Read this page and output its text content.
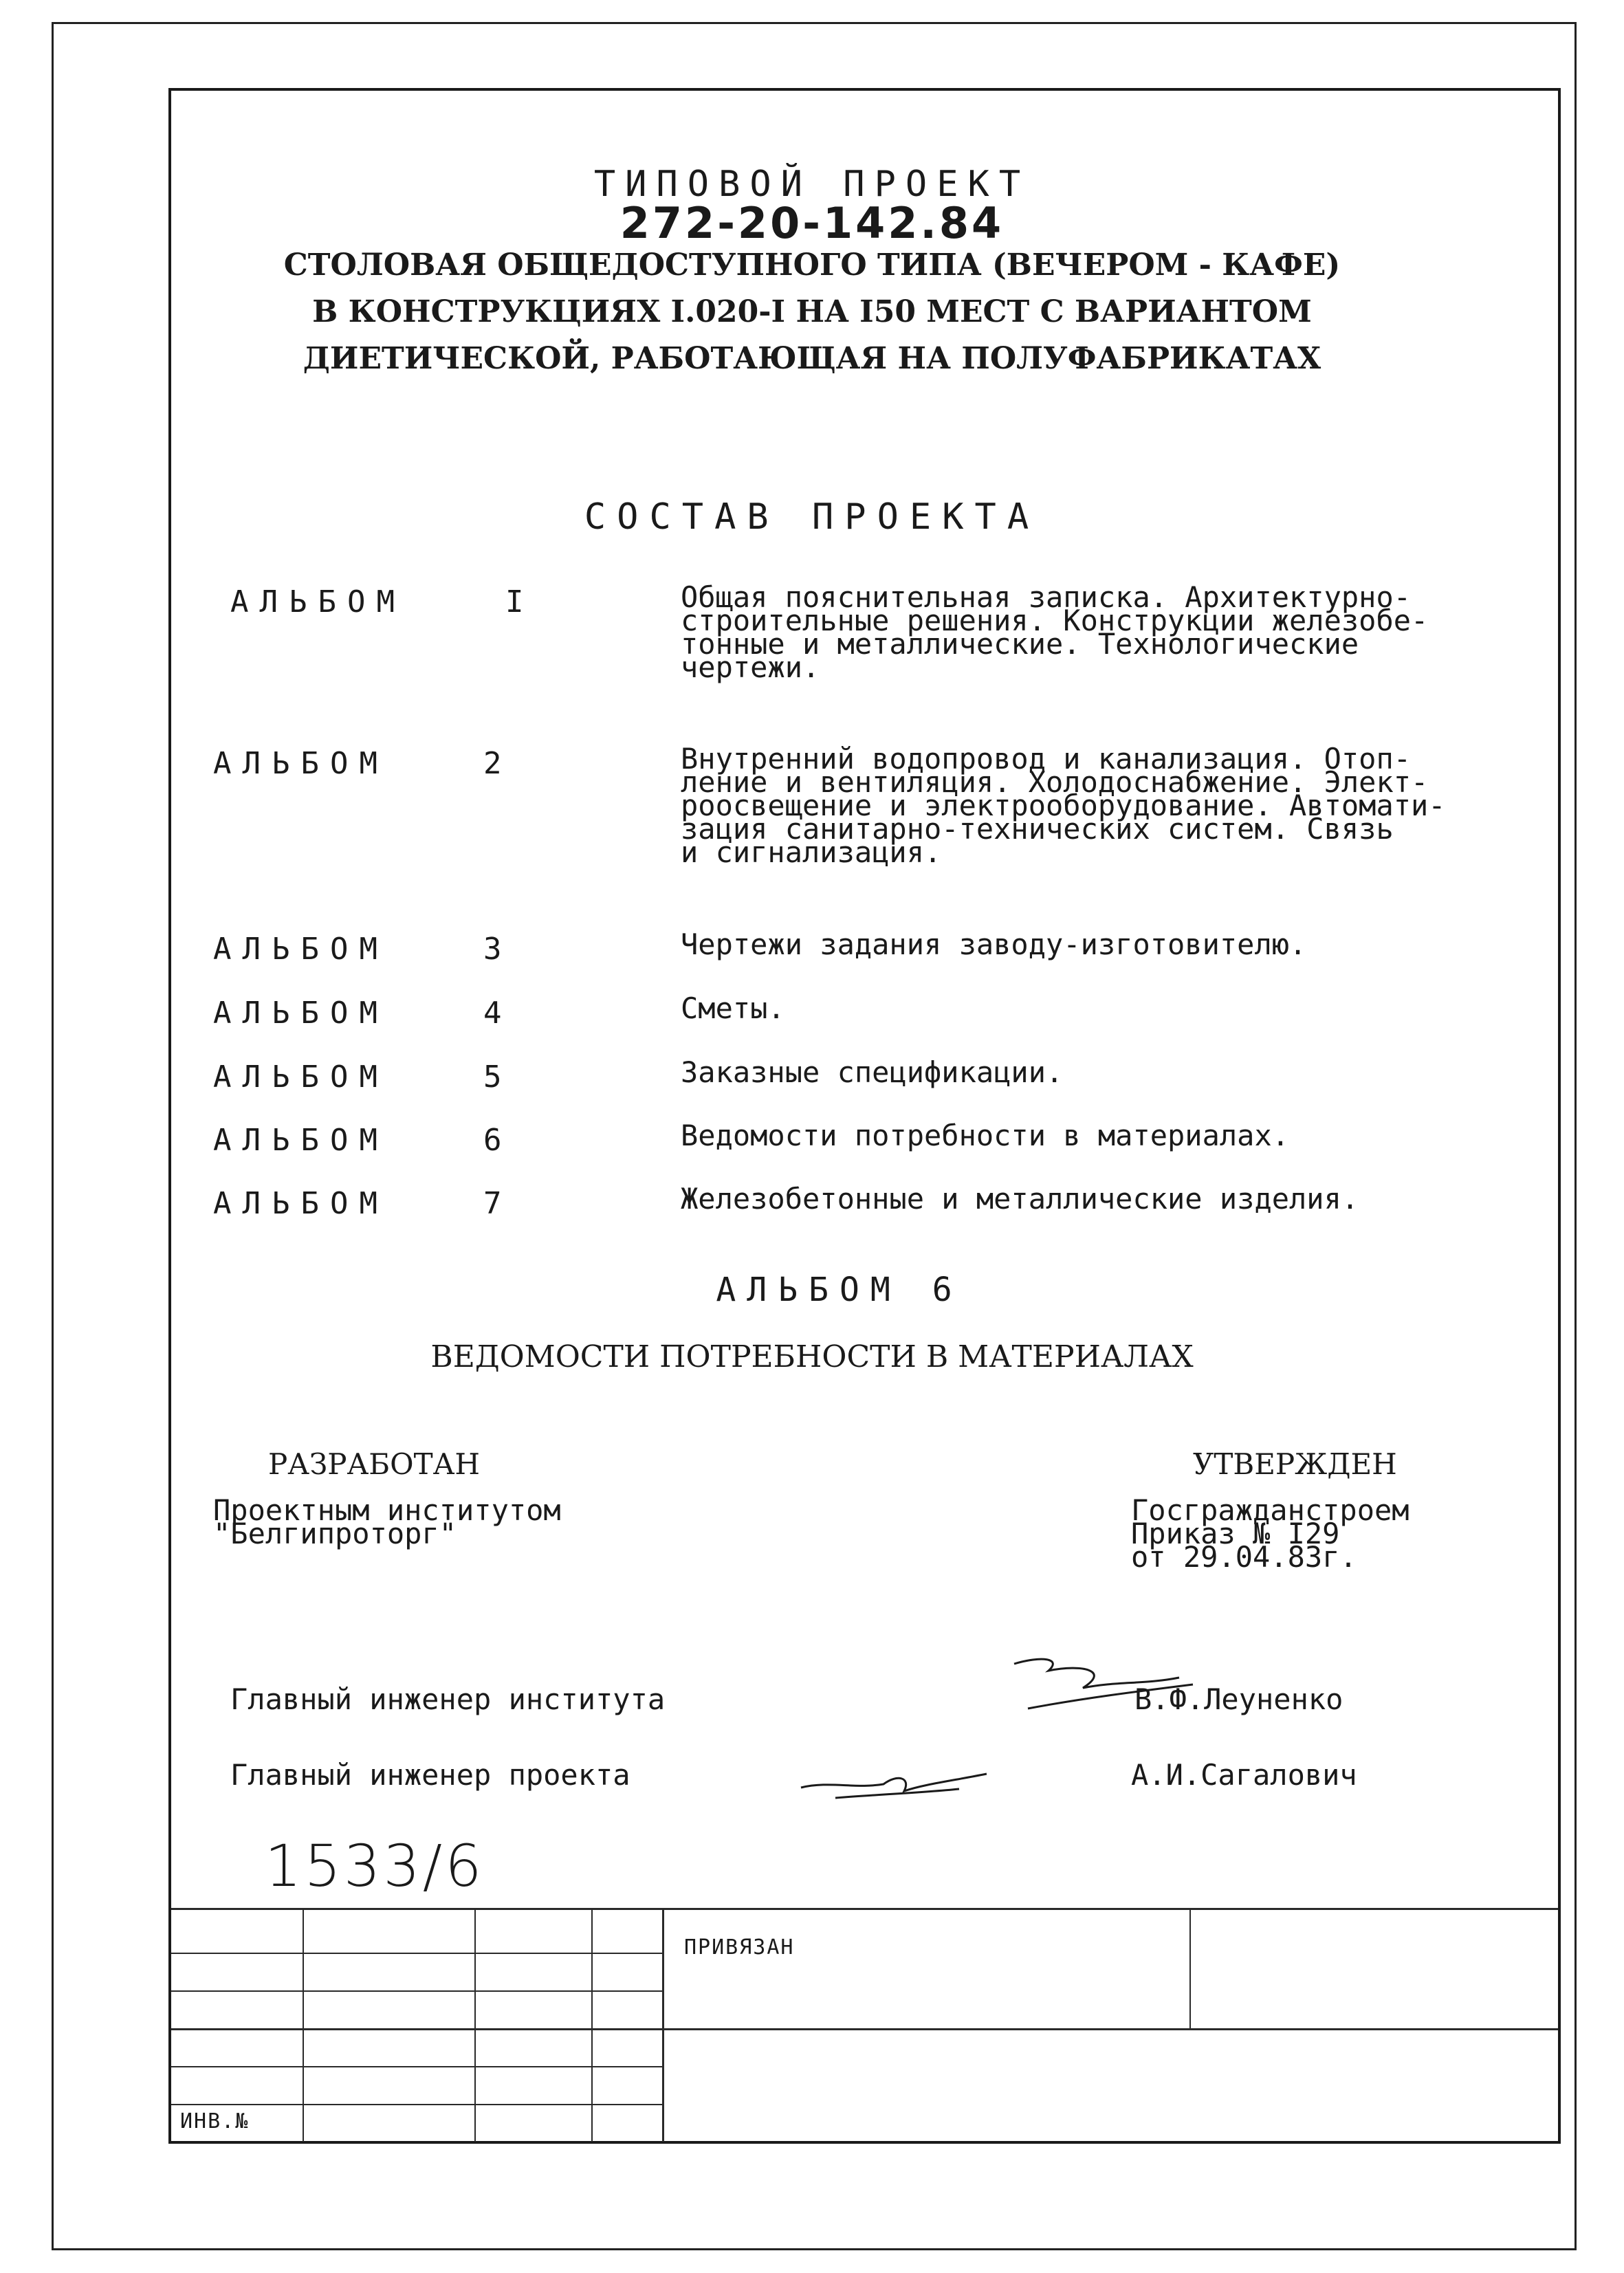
ТИПОВОЙ ПРОЕКТ
272-20-142.84
СТОЛОВАЯ ОБЩЕДОСТУПНОГО ТИПА (ВЕЧЕРОМ - КАФЕ)
В КОНСТРУКЦИЯХ I.020-I НА I50 МЕСТ С ВАРИАНТОМ
ДИЕТИЧЕСКОЙ, РАБОТАЮЩАЯ НА ПОЛУФАБРИКАТАХ
СОСТАВ ПРОЕКТА
АЛЬБОМ	I	Общая пояснительная записка. Архитектурно-
строительные решения. Конструкции железобе-
тонные и металлические. Технологические
чертежи.
АЛЬБОМ	2	Внутренний водопровод и канализация. Отоп-
ление и вентиляция. Холодоснабжение. Элект-
роосвещение и электрооборудование. Автомати-
зация санитарно-технических систем. Связь
и сигнализация.
АЛЬБОМ	3	Чертежи задания заводу-изготовителю.
АЛЬБОМ	4	Сметы.
АЛЬБОМ	5	Заказные спецификации.
АЛЬБОМ	6	Ведомости потребности в материалах.
АЛЬБОМ	7	Железобетонные и металлические изделия.
АЛЬБОМ 6
ВЕДОМОСТИ ПОТРЕБНОСТИ В МАТЕРИАЛАХ
РАЗРАБОТАН
Проектным институтом
"Белгипроторг"
УТВЕРЖДЕН
Госгражданстроем
Приказ № I29
от 29.04.83г.
Главный инженер института	В.Ф.Леуненко
Главный инженер проекта	А.И.Сагалович
1533/6
ПРИВЯЗАН
ИНВ.№
